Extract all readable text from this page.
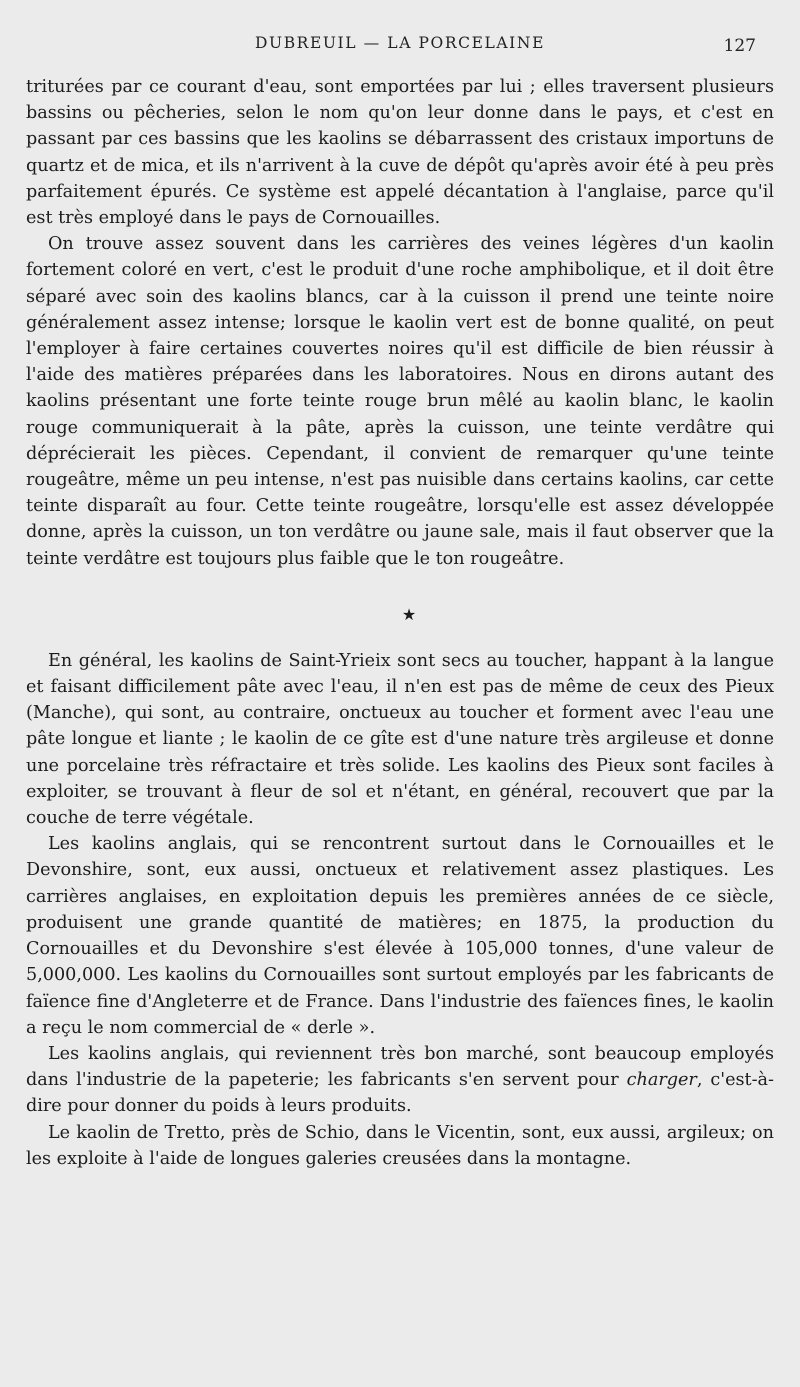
DUBREUIL — LA PORCELAINE	127

triturées par ce courant d'eau, sont emportées par lui ; elles traversent plusieurs bassins ou pêcheries, selon le nom qu'on leur donne dans le pays, et c'est en passant par ces bassins que les kaolins se débarrassent des cristaux importuns de quartz et de mica, et ils n'arrivent à la cuve de dépôt qu'après avoir été à peu près parfaitement épurés. Ce système est appelé décantation à l'anglaise, parce qu'il est très employé dans le pays de Cornouailles.

On trouve assez souvent dans les carrières des veines légères d'un kaolin fortement coloré en vert, c'est le produit d'une roche amphibolique, et il doit être séparé avec soin des kaolins blancs, car à la cuisson il prend une teinte noire généralement assez intense; lorsque le kaolin vert est de bonne qualité, on peut l'employer à faire certaines couvertes noires qu'il est difficile de bien réussir à l'aide des matières préparées dans les laboratoires. Nous en dirons autant des kaolins présentant une forte teinte rouge brun mêlé au kaolin blanc, le kaolin rouge communiquerait à la pâte, après la cuisson, une teinte verdâtre qui déprécierait les pièces. Cependant, il convient de remarquer qu'une teinte rougeâtre, même un peu intense, n'est pas nuisible dans certains kaolins, car cette teinte disparaît au four. Cette teinte rougeâtre, lorsqu'elle est assez développée donne, après la cuisson, un ton verdâtre ou jaune sale, mais il faut observer que la teinte verdâtre est toujours plus faible que le ton rougeâtre.

★

En général, les kaolins de Saint-Yrieix sont secs au toucher, happant à la langue et faisant difficilement pâte avec l'eau, il n'en est pas de même de ceux des Pieux (Manche), qui sont, au contraire, onctueux au toucher et forment avec l'eau une pâte longue et liante ; le kaolin de ce gîte est d'une nature très argileuse et donne une porcelaine très réfractaire et très solide. Les kaolins des Pieux sont faciles à exploiter, se trouvant à fleur de sol et n'étant, en général, recouvert que par la couche de terre végétale.

Les kaolins anglais, qui se rencontrent surtout dans le Cornouailles et le Devonshire, sont, eux aussi, onctueux et relativement assez plastiques. Les carrières anglaises, en exploitation depuis les premières années de ce siècle, produisent une grande quantité de matières; en 1875, la production du Cornouailles et du Devonshire s'est élevée à 105,000 tonnes, d'une valeur de 5,000,000. Les kaolins du Cornouailles sont surtout employés par les fabricants de faïence fine d'Angleterre et de France. Dans l'industrie des faïences fines, le kaolin a reçu le nom commercial de « derle ».

Les kaolins anglais, qui reviennent très bon marché, sont beaucoup employés dans l'industrie de la papeterie; les fabricants s'en servent pour charger, c'est-à-dire pour donner du poids à leurs produits.

Le kaolin de Tretto, près de Schio, dans le Vicentin, sont, eux aussi, argileux; on les exploite à l'aide de longues galeries creusées dans la montagne.
